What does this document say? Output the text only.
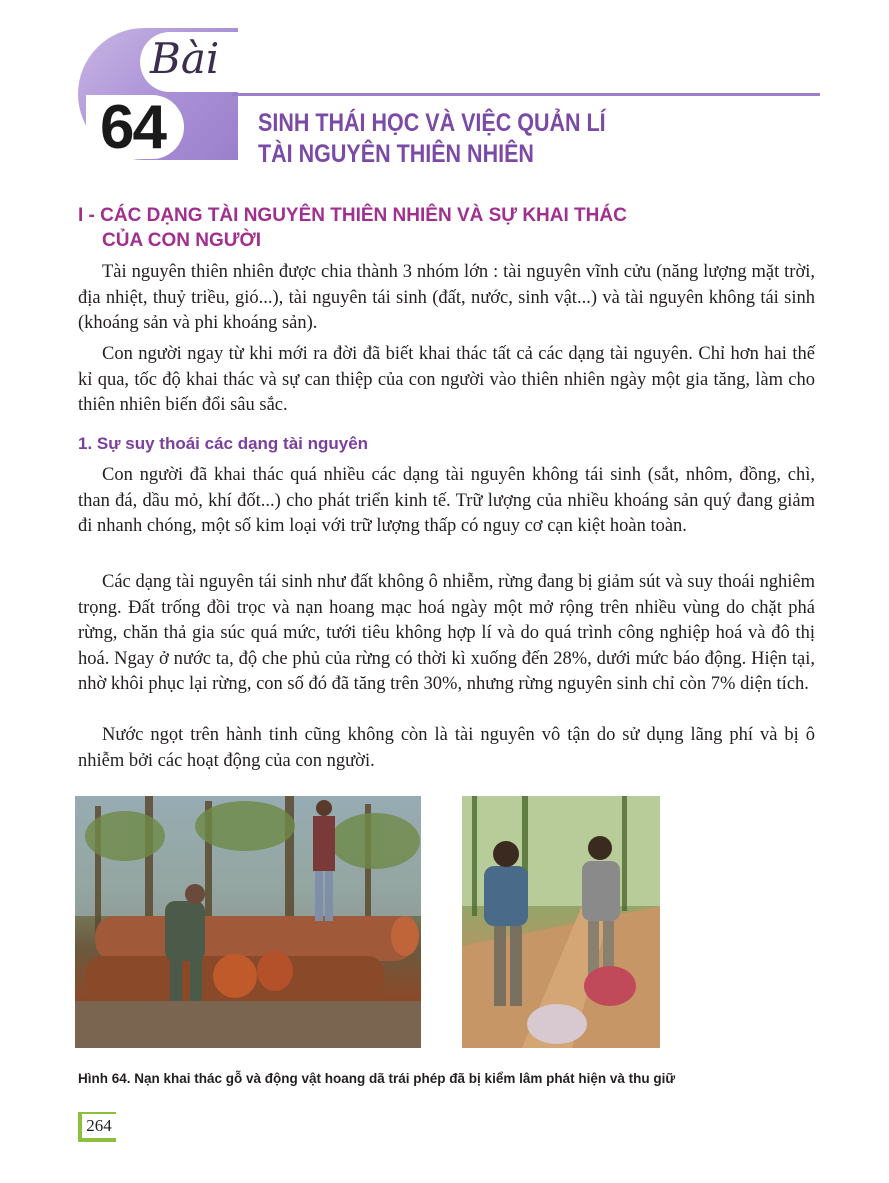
Bài
64	SINH THÁI HỌC VÀ VIỆC QUẢN LÍ
TÀI NGUYÊN THIÊN NHIÊN
I - CÁC DẠNG TÀI NGUYÊN THIÊN NHIÊN VÀ SỰ KHAI THÁC
CỦA CON NGƯỜI

Tài nguyên thiên nhiên được chia thành 3 nhóm lớn : tài nguyên vĩnh cửu (năng lượng mặt trời, địa nhiệt, thuỷ triều, gió...), tài nguyên tái sinh (đất, nước, sinh vật...) và tài nguyên không tái sinh (khoáng sản và phi khoáng sản).

Con người ngay từ khi mới ra đời đã biết khai thác tất cả các dạng tài nguyên. Chỉ hơn hai thế kỉ qua, tốc độ khai thác và sự can thiệp của con người vào thiên nhiên ngày một gia tăng, làm cho thiên nhiên biến đổi sâu sắc.

1. Sự suy thoái các dạng tài nguyên

Con người đã khai thác quá nhiều các dạng tài nguyên không tái sinh (sắt, nhôm, đồng, chì, than đá, dầu mỏ, khí đốt...) cho phát triển kinh tế. Trữ lượng của nhiều khoáng sản quý đang giảm đi nhanh chóng, một số kim loại với trữ lượng thấp có nguy cơ cạn kiệt hoàn toàn.

Các dạng tài nguyên tái sinh như đất không ô nhiễm, rừng đang bị giảm sút và suy thoái nghiêm trọng. Đất trống đồi trọc và nạn hoang mạc hoá ngày một mở rộng trên nhiều vùng do chặt phá rừng, chăn thả gia súc quá mức, tưới tiêu không hợp lí và do quá trình công nghiệp hoá và đô thị hoá. Ngay ở nước ta, độ che phủ của rừng có thời kì xuống đến 28%, dưới mức báo động. Hiện tại, nhờ khôi phục lại rừng, con số đó đã tăng trên 30%, nhưng rừng nguyên sinh chỉ còn 7% diện tích.

Nước ngọt trên hành tinh cũng không còn là tài nguyên vô tận do sử dụng lãng phí và bị ô nhiễm bởi các hoạt động của con người.

Hình 64. Nạn khai thác gỗ và động vật hoang dã trái phép đã bị kiểm lâm phát hiện và thu giữ
264
